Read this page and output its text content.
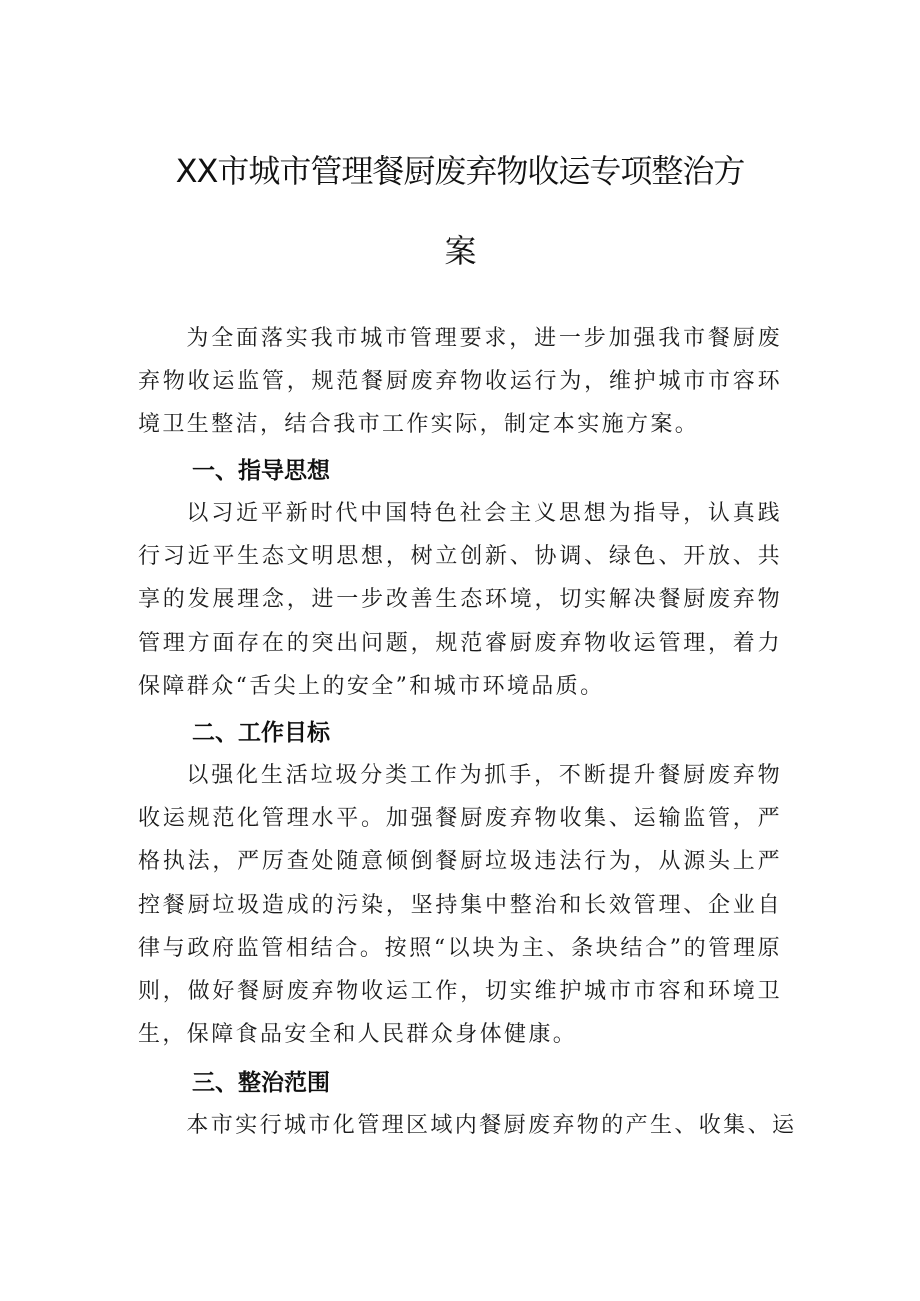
XX市城市管理餐厨废弃物收运专项整治方
案

为全面落实我市城市管理要求，进一步加强我市餐厨废弃物收运监管，规范餐厨废弃物收运行为，维护城市市容环境卫生整洁，结合我市工作实际，制定本实施方案。

一、指导思想

以习近平新时代中国特色社会主义思想为指导，认真践行习近平生态文明思想，树立创新、协调、绿色、开放、共享的发展理念，进一步改善生态环境，切实解决餐厨废弃物管理方面存在的突出问题，规范睿厨废弃物收运管理，着力保障群众“舌尖上的安全”和城市环境品质。

二、工作目标

以强化生活垃圾分类工作为抓手，不断提升餐厨废弃物收运规范化管理水平。加强餐厨废弃物收集、运输监管，严格执法，严厉查处随意倾倒餐厨垃圾违法行为，从源头上严控餐厨垃圾造成的污染，坚持集中整治和长效管理、企业自律与政府监管相结合。按照“以块为主、条块结合”的管理原则，做好餐厨废弃物收运工作，切实维护城市市容和环境卫生，保障食品安全和人民群众身体健康。

三、整治范围

本市实行城市化管理区域内餐厨废弃物的产生、收集、运
